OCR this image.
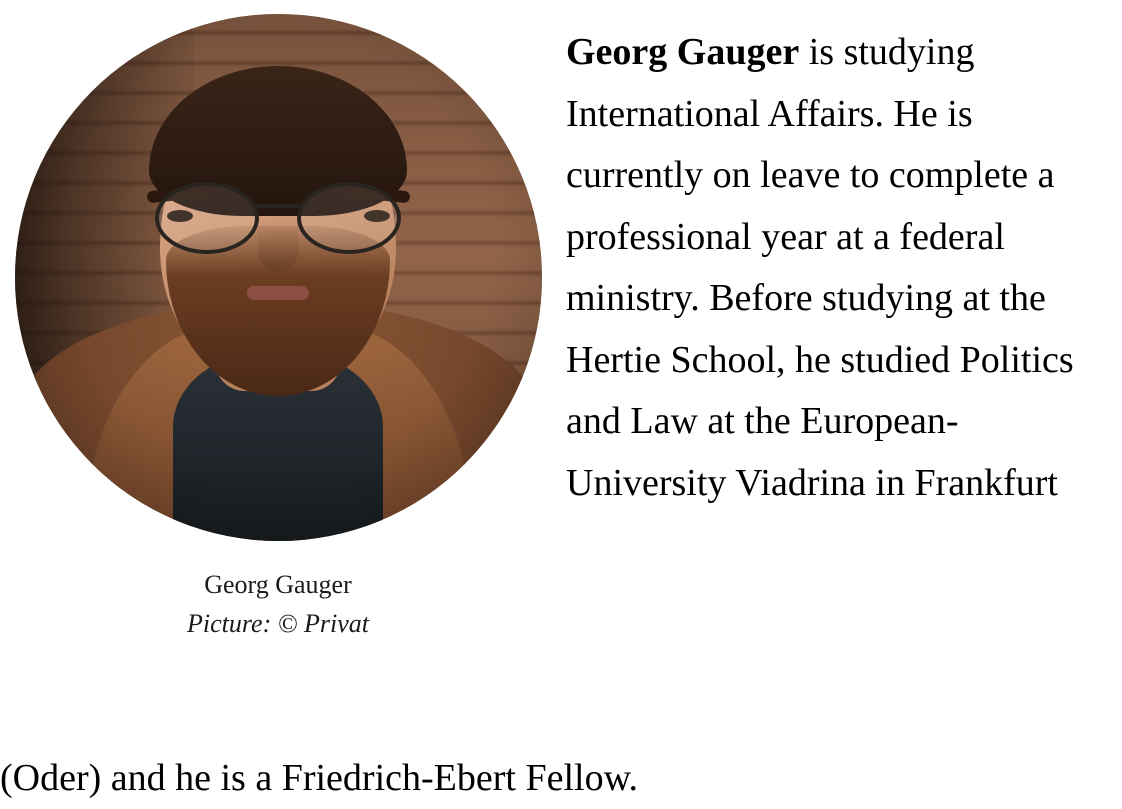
Georg Gauger
Picture: © Privat

Georg Gauger is studying International Affairs. He is currently on leave to complete a professional year at a federal ministry. Before studying at the Hertie School, he studied Politics and Law at the European-University Viadrina in Frankfurt

(Oder) and he is a Friedrich-Ebert Fellow.
